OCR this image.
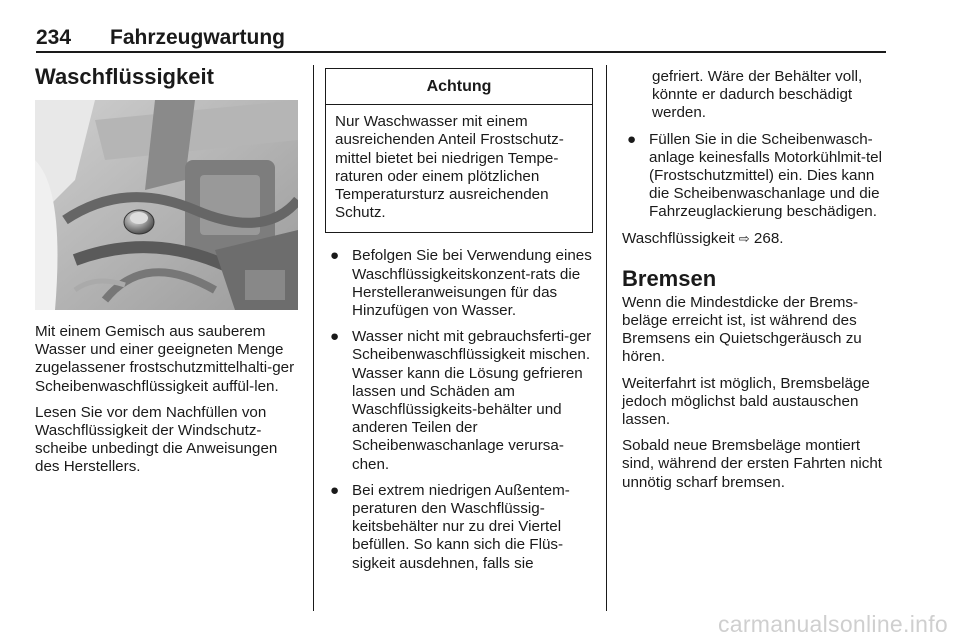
234 Fahrzeugwartung
Waschflüssigkeit

Mit einem Gemisch aus sauberem Wasser und einer geeigneten Menge zugelassener frostschutzmittelhalti-ger Scheibenwaschflüssigkeit auffül-len.

Lesen Sie vor dem Nachfüllen von Waschflüssigkeit der Windschutz-scheibe unbedingt die Anweisungen des Herstellers.

Achtung
Nur Waschwasser mit einem ausreichenden Anteil Frostschutz-mittel bietet bei niedrigen Tempe-raturen oder einem plötzlichen Temperatursturz ausreichenden Schutz.
● Befolgen Sie bei Verwendung eines Waschflüssigkeitskonzent-rats die Herstelleranweisungen für das Hinzufügen von Wasser.
● Wasser nicht mit gebrauchsferti-ger Scheibenwaschflüssigkeit mischen. Wasser kann die Lösung gefrieren lassen und Schäden am Waschflüssigkeits-behälter und anderen Teilen der Scheibenwaschanlage verursa-chen.
● Bei extrem niedrigen Außentem-peraturen den Waschflüssig-keitsbehälter nur zu drei Viertel befüllen. So kann sich die Flüs-sigkeit ausdehnen, falls sie

gefriert. Wäre der Behälter voll, könnte er dadurch beschädigt werden.

● Füllen Sie in die Scheibenwasch-anlage keinesfalls Motorkühlmit-tel (Frostschutzmittel) ein. Dies kann die Scheibenwaschanlage und die Fahrzeuglackierung beschädigen.

Waschflüssigkeit ⇨ 268.

Bremsen

Wenn die Mindestdicke der Brems-beläge erreicht ist, ist während des Bremsens ein Quietschgeräusch zu hören.

Weiterfahrt ist möglich, Bremsbeläge jedoch möglichst bald austauschen lassen.

Sobald neue Bremsbeläge montiert sind, während der ersten Fahrten nicht unnötig scharf bremsen.

carmanualsonline.info
